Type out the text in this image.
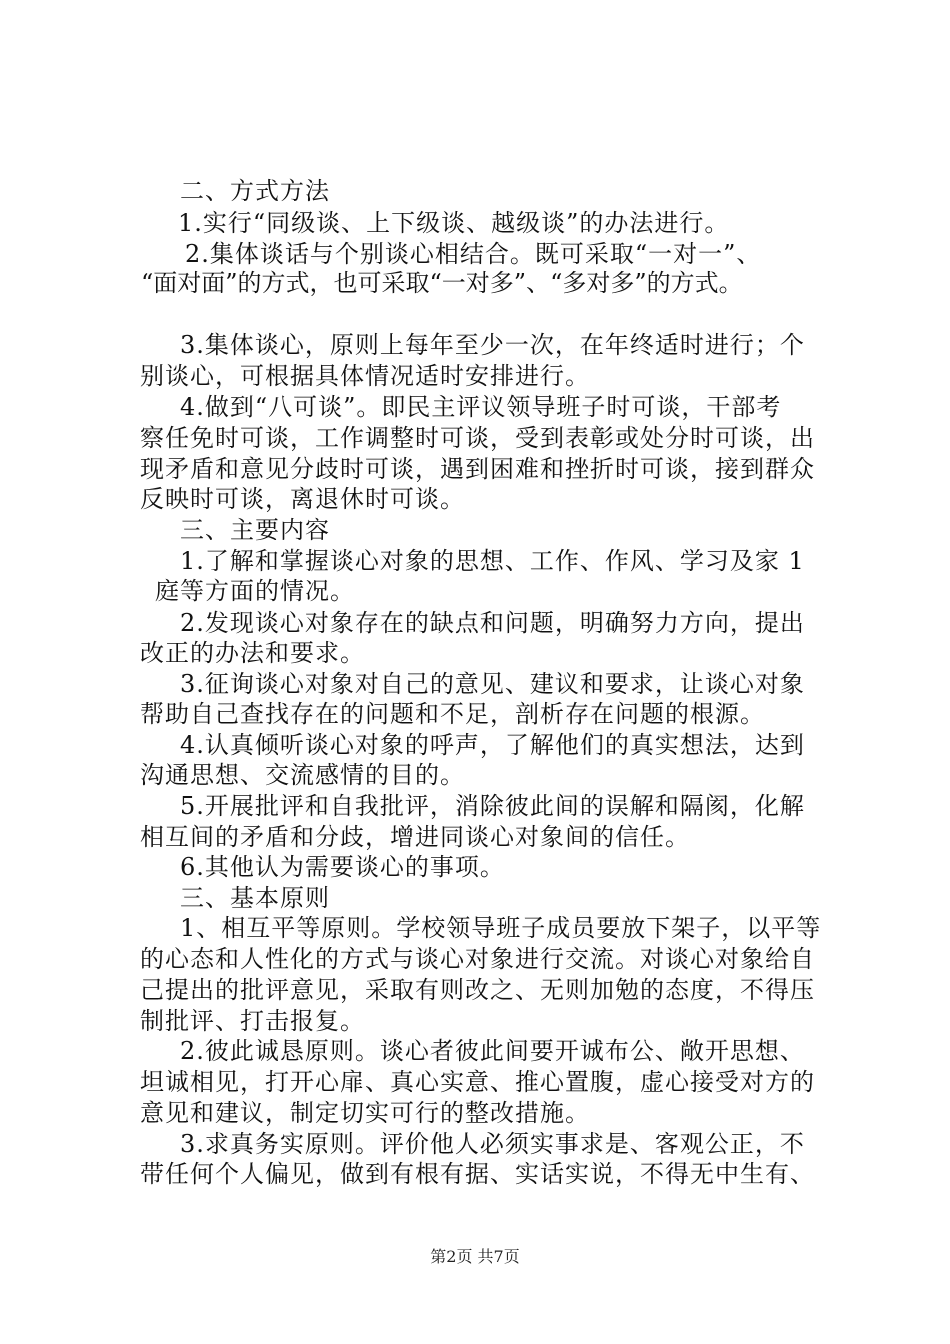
二、方式方法
1.实行“同级谈、上下级谈、越级谈”的办法进行。
2.集体谈话与个别谈心相结合。既可采取“一对一”、
“面对面”的方式，也可采取“一对多”、“多对多”的方式。
3.集体谈心，原则上每年至少一次，在年终适时进行；个
别谈心，可根据具体情况适时安排进行。
4.做到“八可谈”。即民主评议领导班子时可谈，干部考
察任免时可谈，工作调整时可谈，受到表彰或处分时可谈，出
现矛盾和意见分歧时可谈，遇到困难和挫折时可谈，接到群众
反映时可谈，离退休时可谈。
三、主要内容
1.了解和掌握谈心对象的思想、工作、作风、学习及家 1
庭等方面的情况。
2.发现谈心对象存在的缺点和问题，明确努力方向，提出
改正的办法和要求。
3.征询谈心对象对自己的意见、建议和要求，让谈心对象
帮助自己查找存在的问题和不足，剖析存在问题的根源。
4.认真倾听谈心对象的呼声，了解他们的真实想法，达到
沟通思想、交流感情的目的。
5.开展批评和自我批评，消除彼此间的误解和隔阂，化解
相互间的矛盾和分歧，增进同谈心对象间的信任。
6.其他认为需要谈心的事项。
三、基本原则
1、相互平等原则。学校领导班子成员要放下架子，以平等
的心态和人性化的方式与谈心对象进行交流。对谈心对象给自
己提出的批评意见，采取有则改之、无则加勉的态度，不得压
制批评、打击报复。
2.彼此诚恳原则。谈心者彼此间要开诚布公、敞开思想、
坦诚相见，打开心扉、真心实意、推心置腹，虚心接受对方的
意见和建议，制定切实可行的整改措施。
3.求真务实原则。评价他人必须实事求是、客观公正，不
带任何个人偏见，做到有根有据、实话实说，不得无中生有、
第2页 共7页
